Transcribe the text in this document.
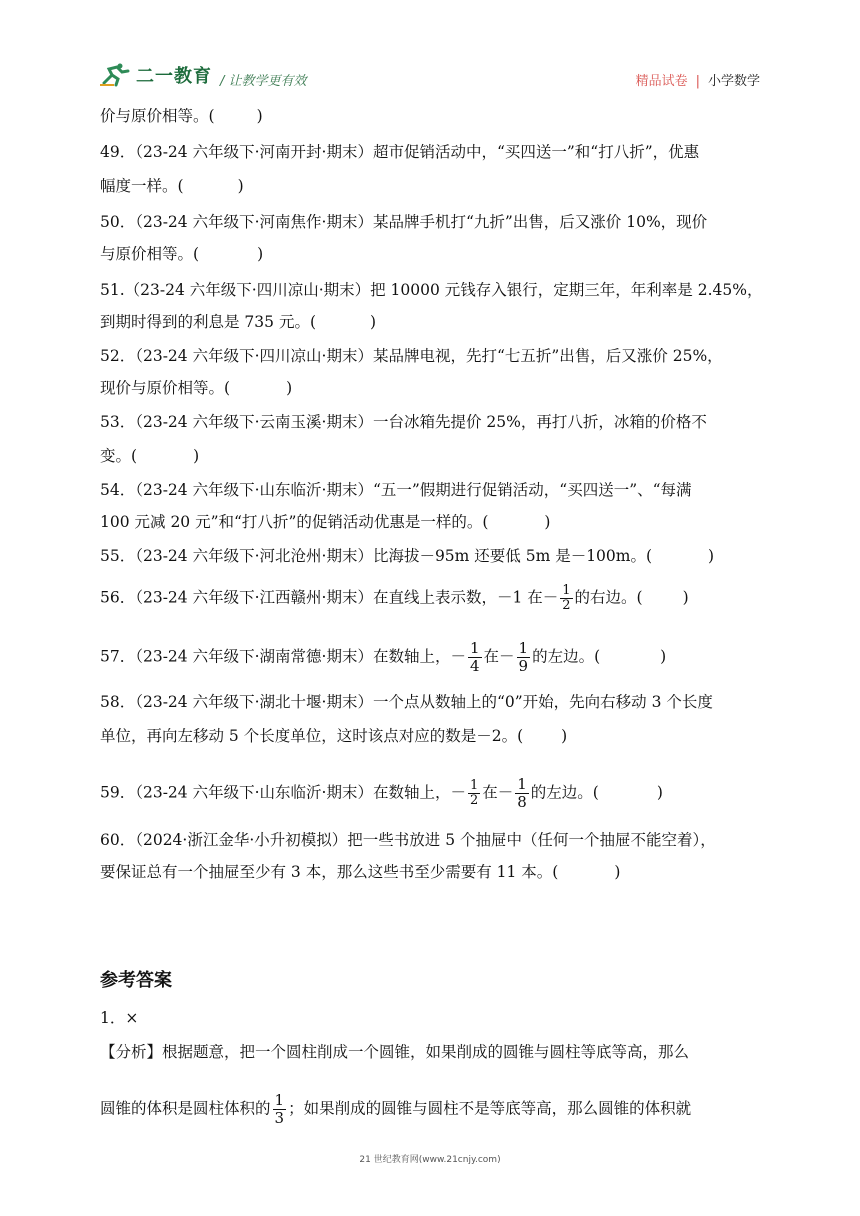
二一教育 / 让教学更有效	精品试卷 | 小学数学
价与原价相等。(	)
49．（23-24 六年级下·河南开封·期末）超市促销活动中，“买四送一”和“打八折”，优惠
幅度一样。(	)
50．（23-24 六年级下·河南焦作·期末）某品牌手机打“九折”出售，后又涨价 10%，现价
与原价相等。(	)
51.（23-24 六年级下·四川凉山·期末）把 10000 元钱存入银行，定期三年，年利率是 2.45%，
到期时得到的利息是 735 元。(	)
52．（23-24 六年级下·四川凉山·期末）某品牌电视，先打“七五折”出售，后又涨价 25%，
现价与原价相等。(	)
53．（23-24 六年级下·云南玉溪·期末）一台冰箱先提价 25%，再打八折，冰箱的价格不
变。(	)
54．（23-24 六年级下·山东临沂·期末）“五一”假期进行促销活动，“买四送一”、“每满
100 元减 20 元”和“打八折”的促销活动优惠是一样的。(	)
55．（23-24 六年级下·河北沧州·期末）比海拔－95m 还要低 5m 是－100m。(	)
56．（23-24 六年级下·江西赣州·期末）在直线上表示数，－1 在－ $\frac{1}{2}$ 的右边。(	)
57．（23-24 六年级下·湖南常德·期末）在数轴上，－ $\frac{1}{4}$ 在－ $\frac{1}{9}$ 的左边。(	)
58．（23-24 六年级下·湖北十堰·期末）一个点从数轴上的“0”开始，先向右移动 3 个长度
单位，再向左移动 5 个长度单位，这时该点对应的数是－2。( )
59．（23-24 六年级下·山东临沂·期末）在数轴上，－ $\frac{1}{2}$ 在－ $\frac{1}{8}$ 的左边。(	)
60．（2024·浙江金华·小升初模拟）把一些书放进 5 个抽屉中（任何一个抽屉不能空着），
要保证总有一个抽屉至少有 3 本，那么这些书至少需要有 11 本。(	)
参考答案
1．×
【分析】根据题意，把一个圆柱削成一个圆锥，如果削成的圆锥与圆柱等底等高，那么
圆锥的体积是圆柱体积的 $\frac{1}{3}$ ；如果削成的圆锥与圆柱不是等底等高，那么圆锥的体积就
21 世纪教育网(www.21cnjy.com)
